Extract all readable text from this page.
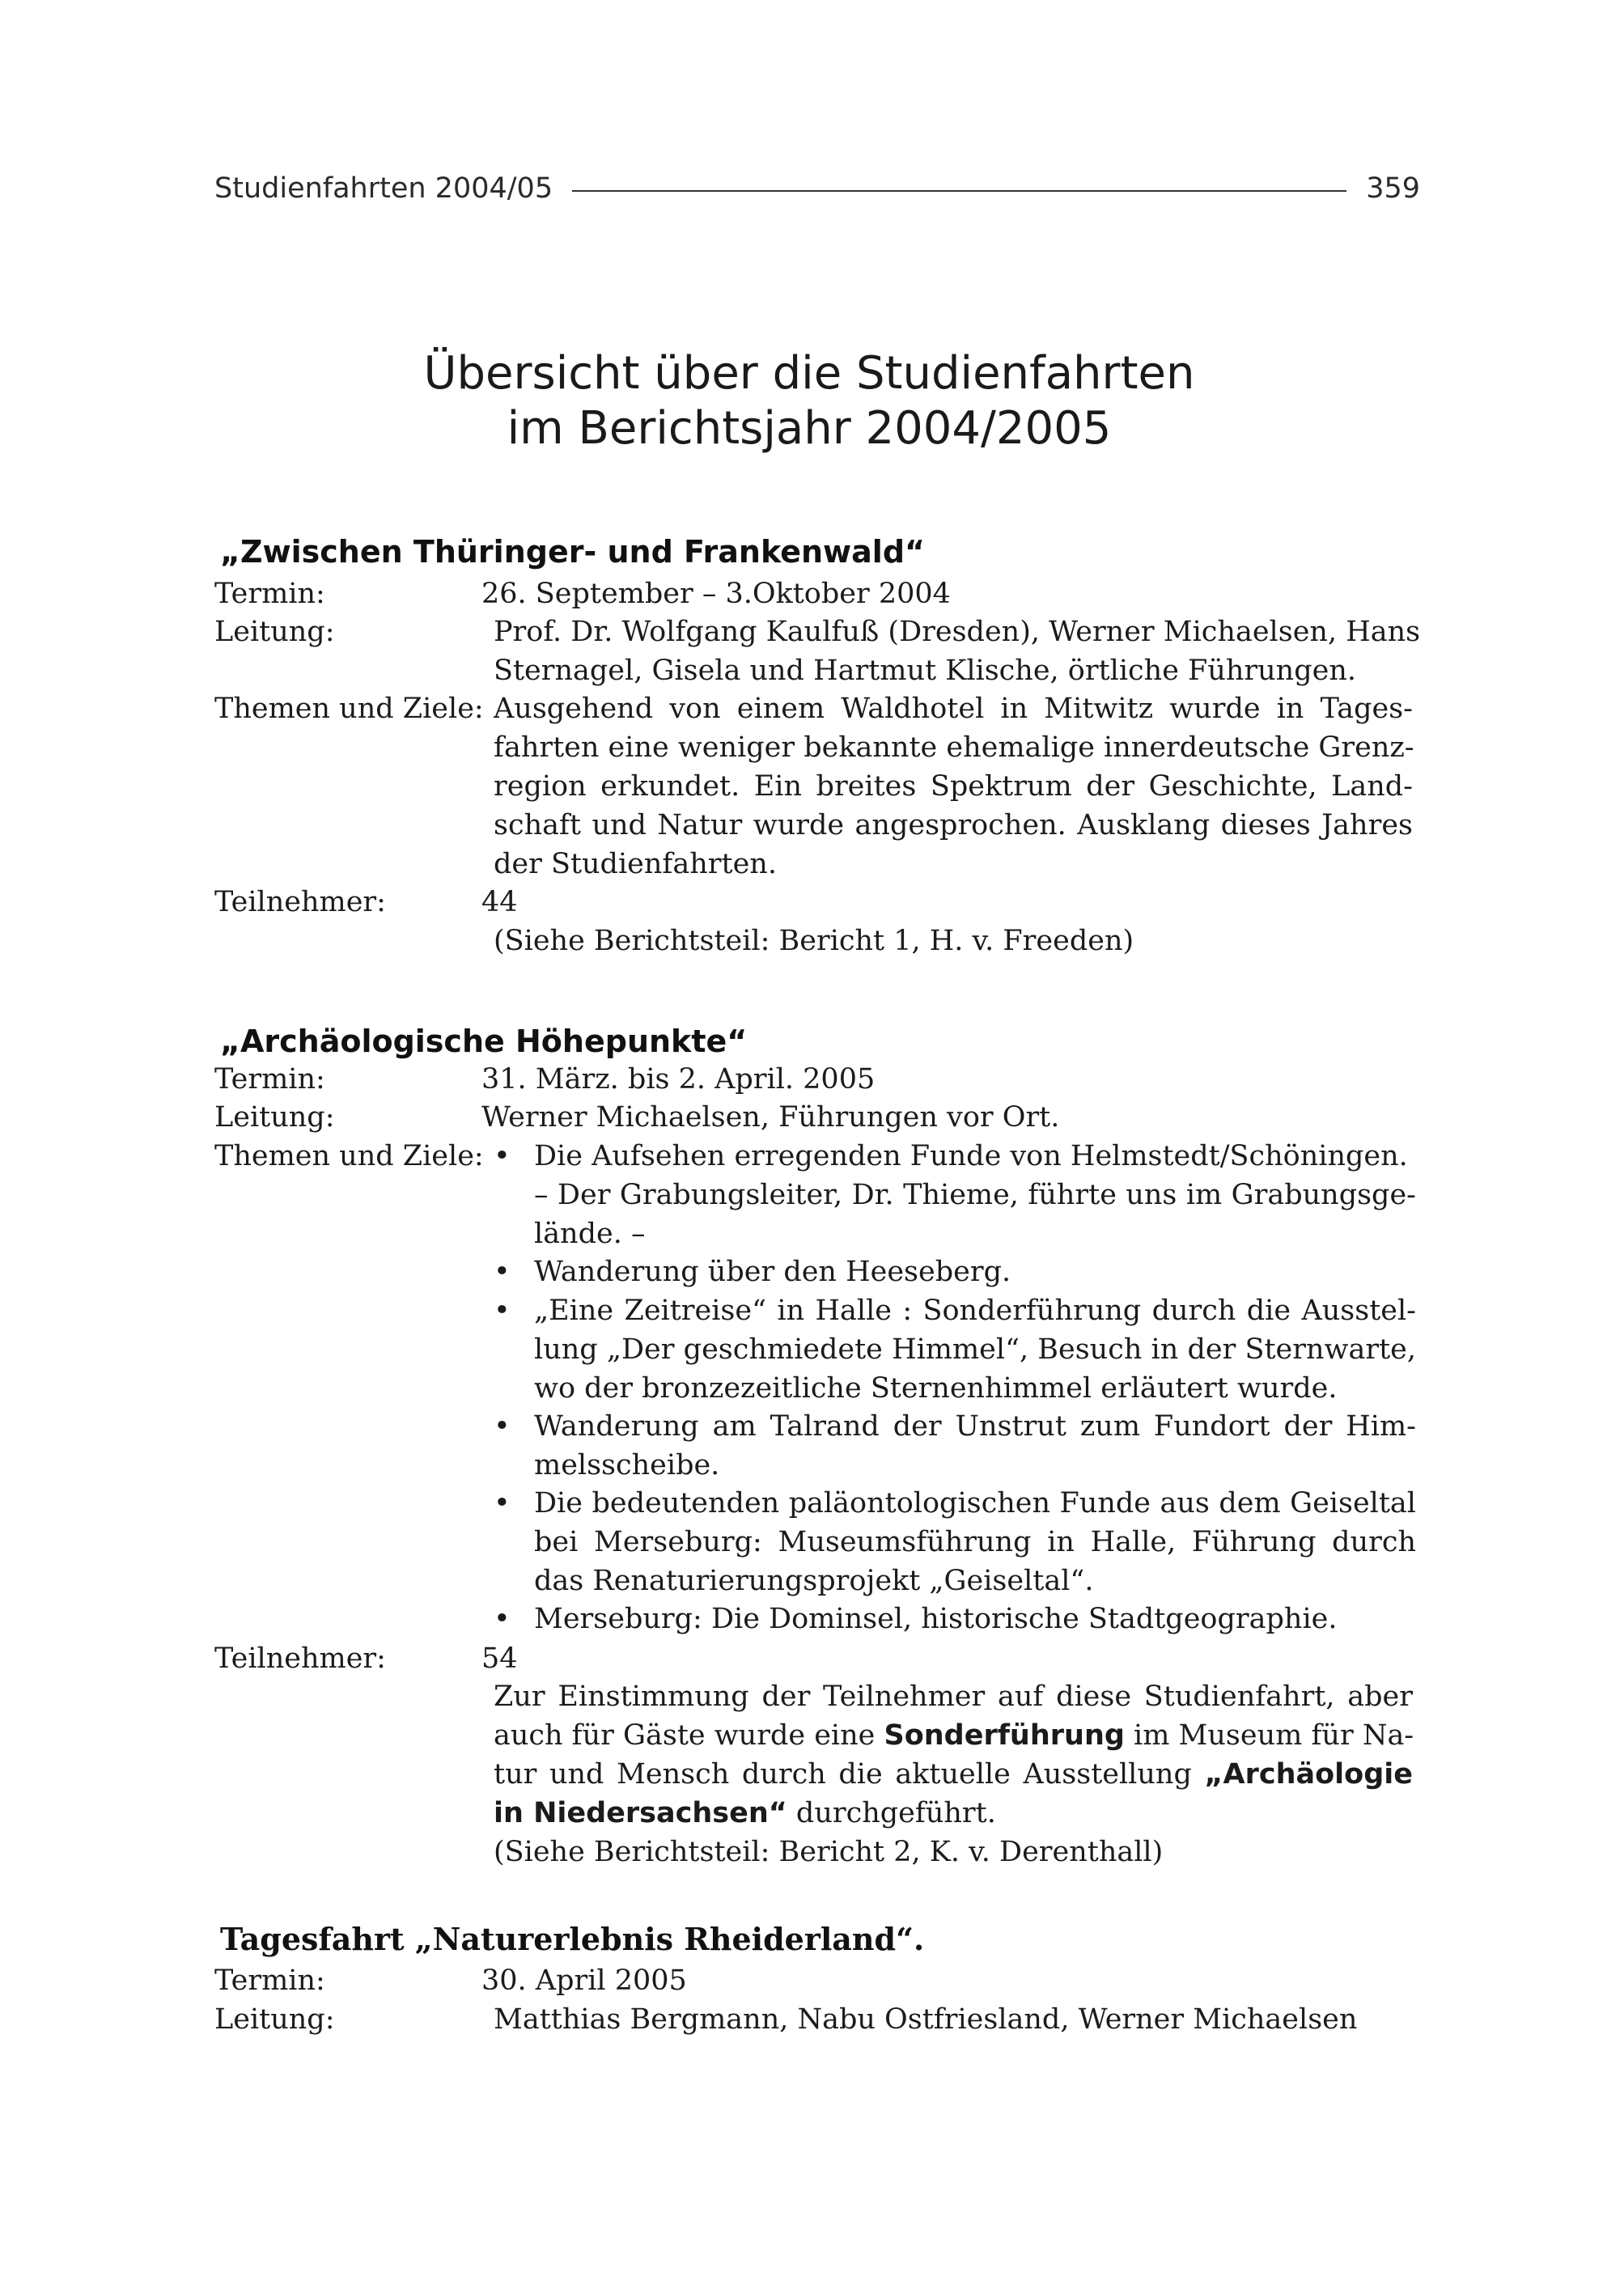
Studienfahrten 2004/05	359
Übersicht über die Studienfahrten
im Berichtsjahr 2004/2005
„Zwischen Thüringer- und Frankenwald“
Termin:	26. September – 3.Oktober 2004
Leitung:	Prof. Dr. Wolfgang Kaulfuß (Dresden), Werner Michaelsen, Hans
Sternagel, Gisela und Hartmut Klische, örtliche Führungen.
Themen und Ziele: Ausgehend von einem Waldhotel in Mitwitz wurde in Tages-
fahrten eine weniger bekannte ehemalige innerdeutsche Grenz-
region erkundet. Ein breites Spektrum der Geschichte, Land-
schaft und Natur wurde angesprochen. Ausklang dieses Jahres
der Studienfahrten.
Teilnehmer:	44
(Siehe Berichtsteil: Bericht 1, H. v. Freeden)
„Archäologische Höhepunkte“
Termin:	31. März. bis 2. April. 2005
Leitung:	Werner Michaelsen, Führungen vor Ort.
Themen und Ziele: • Die Aufsehen erregenden Funde von Helmstedt/Schöningen.
– Der Grabungsleiter, Dr. Thieme, führte uns im Grabungsge-
lände. –
• Wanderung über den Heeseberg.
• „Eine Zeitreise“ in Halle : Sonderführung durch die Ausstel-
lung „Der geschmiedete Himmel“, Besuch in der Sternwarte,
wo der bronzezeitliche Sternenhimmel erläutert wurde.
• Wanderung am Talrand der Unstrut zum Fundort der Him-
melsscheibe.
• Die bedeutenden paläontologischen Funde aus dem Geiseltal
bei Merseburg: Museumsführung in Halle, Führung durch
das Renaturierungsprojekt „Geiseltal“.
• Merseburg: Die Dominsel, historische Stadtgeographie.
Teilnehmer:	54
Zur Einstimmung der Teilnehmer auf diese Studienfahrt, aber
auch für Gäste wurde eine Sonderführung im Museum für Na-
tur und Mensch durch die aktuelle Ausstellung „Archäologie
in Niedersachsen“ durchgeführt.
(Siehe Berichtsteil: Bericht 2, K. v. Derenthall)
Tagesfahrt „Naturerlebnis Rheiderland“.
Termin:	30. April 2005
Leitung:	Matthias Bergmann, Nabu Ostfriesland, Werner Michaelsen
